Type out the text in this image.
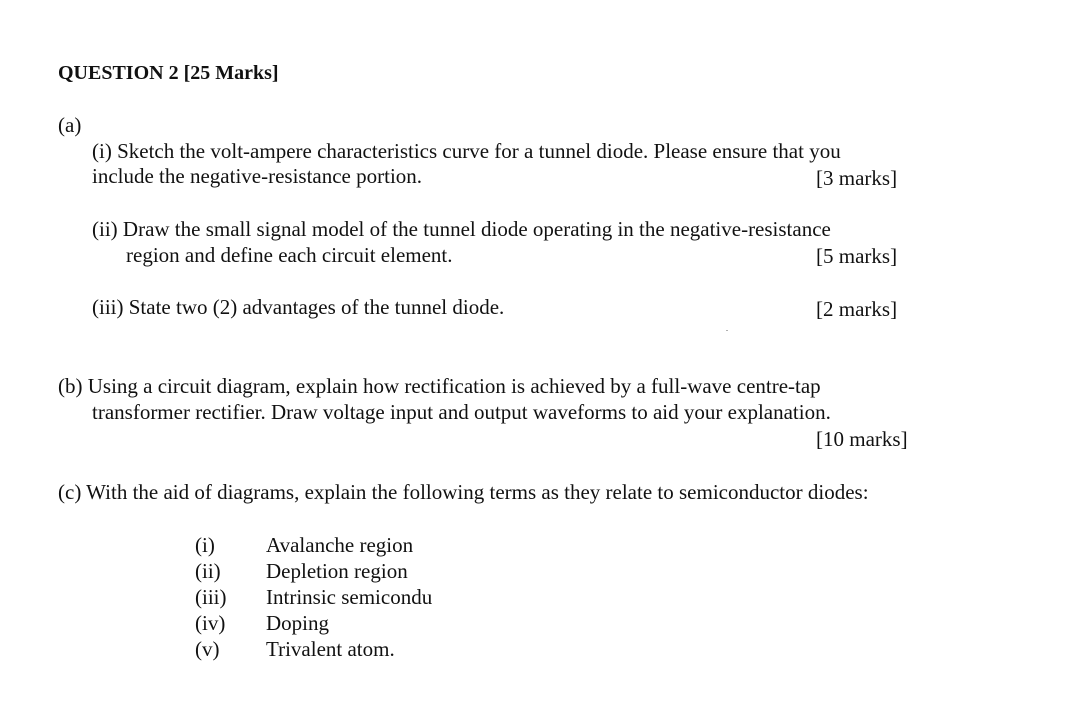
QUESTION 2 [25 Marks]
(a)
(i) Sketch the volt-ampere characteristics curve for a tunnel diode. Please ensure that you
include the negative-resistance portion.	[3 marks]
(ii) Draw the small signal model of the tunnel diode operating in the negative-resistance
region and define each circuit element.	[5 marks]
(iii) State two (2) advantages of the tunnel diode.	[2 marks]
(b) Using a circuit diagram, explain how rectification is achieved by a full-wave centre-tap
transformer rectifier. Draw voltage input and output waveforms to aid your explanation.
[10 marks]
(c) With the aid of diagrams, explain the following terms as they relate to semiconductor diodes:
(i) Avalanche region
(ii) Depletion region
(iii) Intrinsic semicondu
(iv) Doping
(v) Trivalent atom.
